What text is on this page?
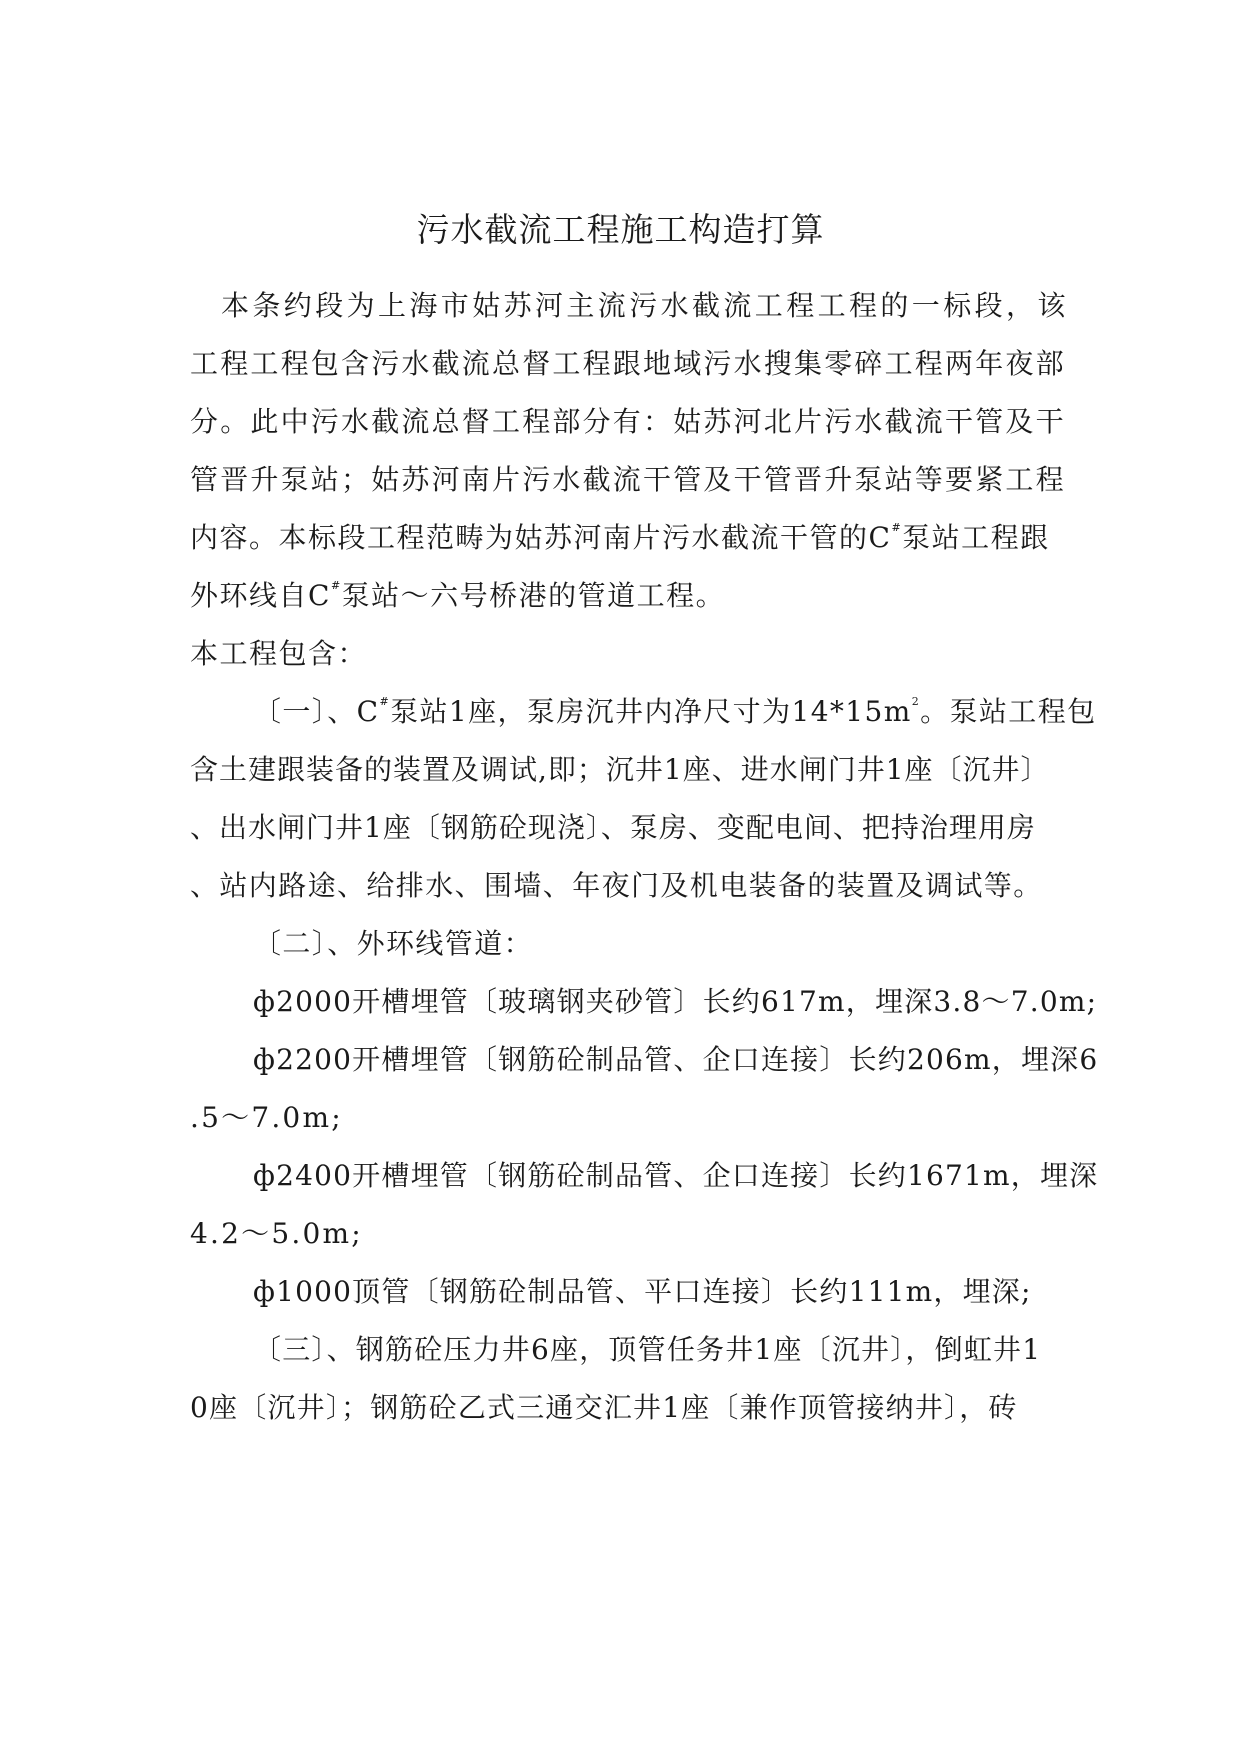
污水截流工程施工构造打算
本条约段为上海市姑苏河主流污水截流工程工程的一标段，该
工程工程包含污水截流总督工程跟地域污水搜集零碎工程两年夜部
分。此中污水截流总督工程部分有：姑苏河北片污水截流干管及干
管晋升泵站；姑苏河南片污水截流干管及干管晋升泵站等要紧工程
内容。本标段工程范畴为姑苏河南片污水截流干管的C#泵站工程跟
外环线自C#泵站～六号桥港的管道工程。
本工程包含：
〔一〕、C#泵站1座，泵房沉井内净尺寸为14*15m2。泵站工程包
含土建跟装备的装置及调试,即；沉井1座、进水闸门井1座〔沉井〕
、出水闸门井1座〔钢筋砼现浇〕、泵房、变配电间、把持治理用房
、站内路途、给排水、围墙、年夜门及机电装备的装置及调试等。
〔二〕、外环线管道：
ф2000开槽埋管〔玻璃钢夹砂管〕长约617m，埋深3.8～7.0m;
ф2200开槽埋管〔钢筋砼制品管、企口连接〕长约206m，埋深6
.5～7.0m;
ф2400开槽埋管〔钢筋砼制品管、企口连接〕长约1671m，埋深
4.2～5.0m;
ф1000顶管〔钢筋砼制品管、平口连接〕长约111m，埋深;
〔三〕、钢筋砼压力井6座，顶管任务井1座〔沉井〕，倒虹井1
0座〔沉井〕；钢筋砼乙式三通交汇井1座〔兼作顶管接纳井〕，砖
